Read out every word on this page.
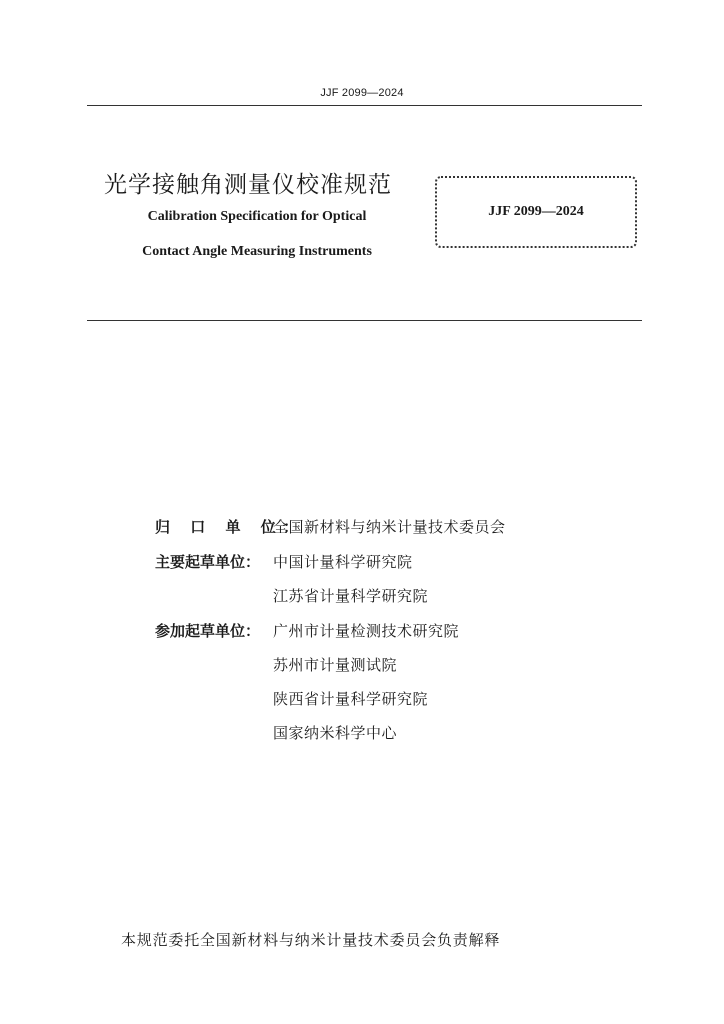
JJF 2099—2024
光学接触角测量仪校准规范
Calibration Specification for Optical
Contact Angle Measuring Instruments
JJF 2099—2024
归 口 单 位：全国新材料与纳米计量技术委员会
主要起草单位： 中国计量科学研究院
江苏省计量科学研究院
参加起草单位： 广州市计量检测技术研究院
苏州市计量测试院
陕西省计量科学研究院
国家纳米科学中心
本规范委托全国新材料与纳米计量技术委员会负责解释
